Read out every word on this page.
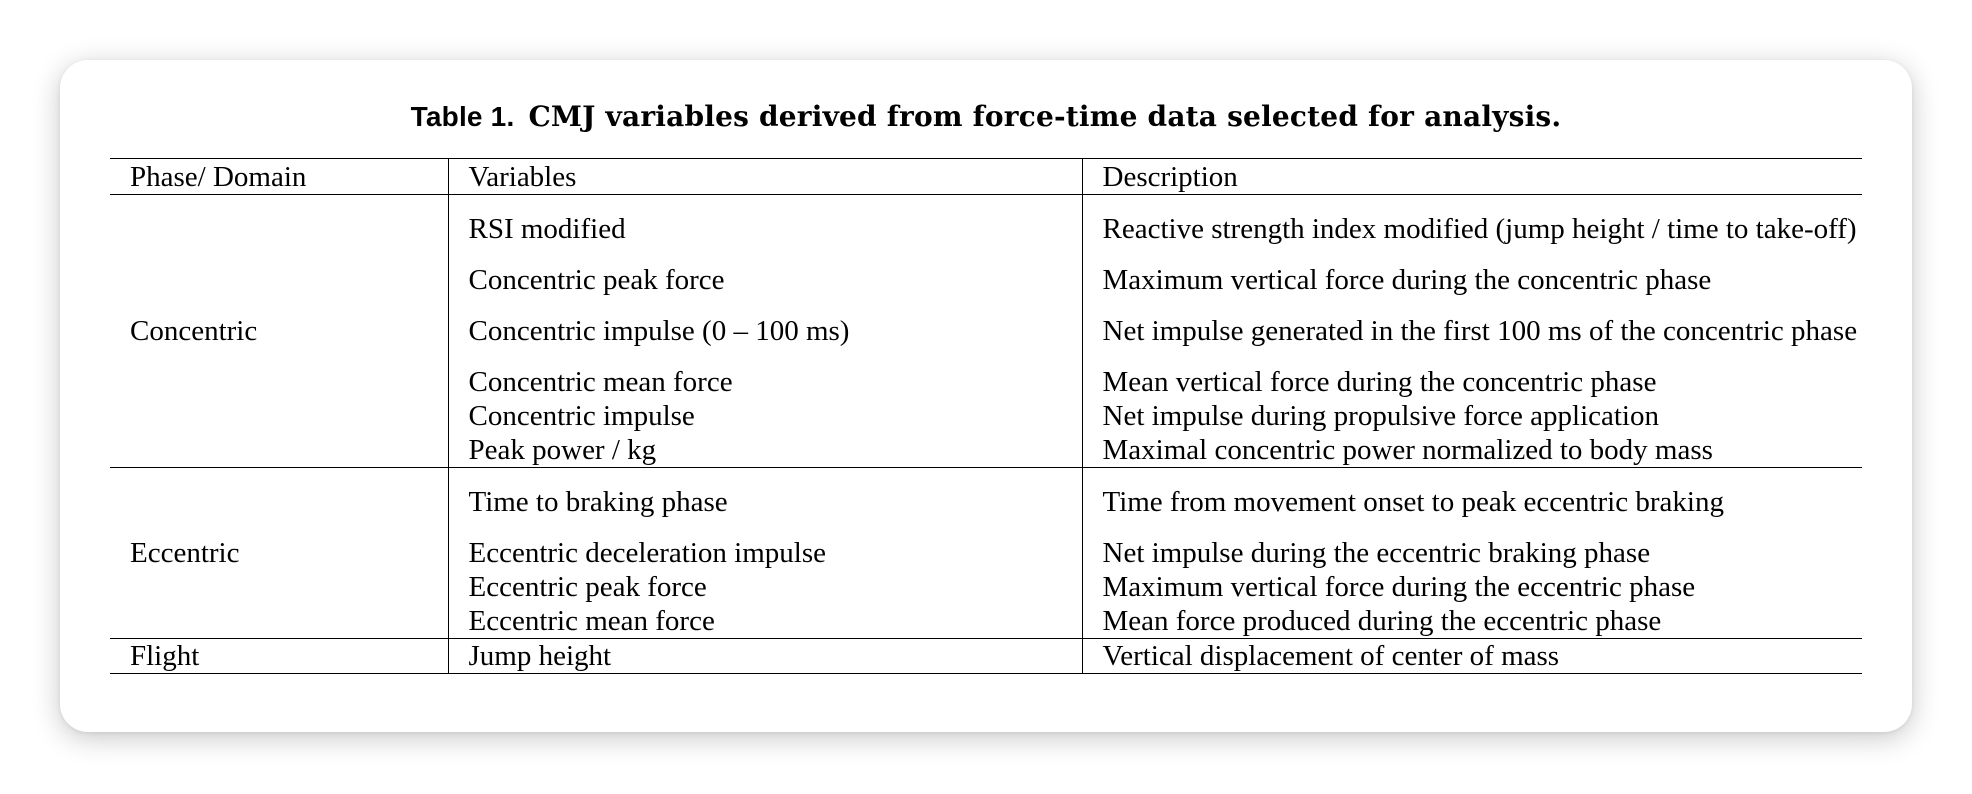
Table 1. CMJ variables derived from force-time data selected for analysis.
Phase/ Domain	Variables	Description
Concentric	RSI modified	Reactive strength index modified (jump height / time to take-off)
	Concentric peak force	Maximum vertical force during the concentric phase
	Concentric impulse (0 – 100 ms)	Net impulse generated in the first 100 ms of the concentric phase
	Concentric mean force	Mean vertical force during the concentric phase
	Concentric impulse	Net impulse during propulsive force application
	Peak power / kg	Maximal concentric power normalized to body mass
Eccentric	Time to braking phase	Time from movement onset to peak eccentric braking
	Eccentric deceleration impulse	Net impulse during the eccentric braking phase
	Eccentric peak force	Maximum vertical force during the eccentric phase
	Eccentric mean force	Mean force produced during the eccentric phase
Flight	Jump height	Vertical displacement of center of mass
